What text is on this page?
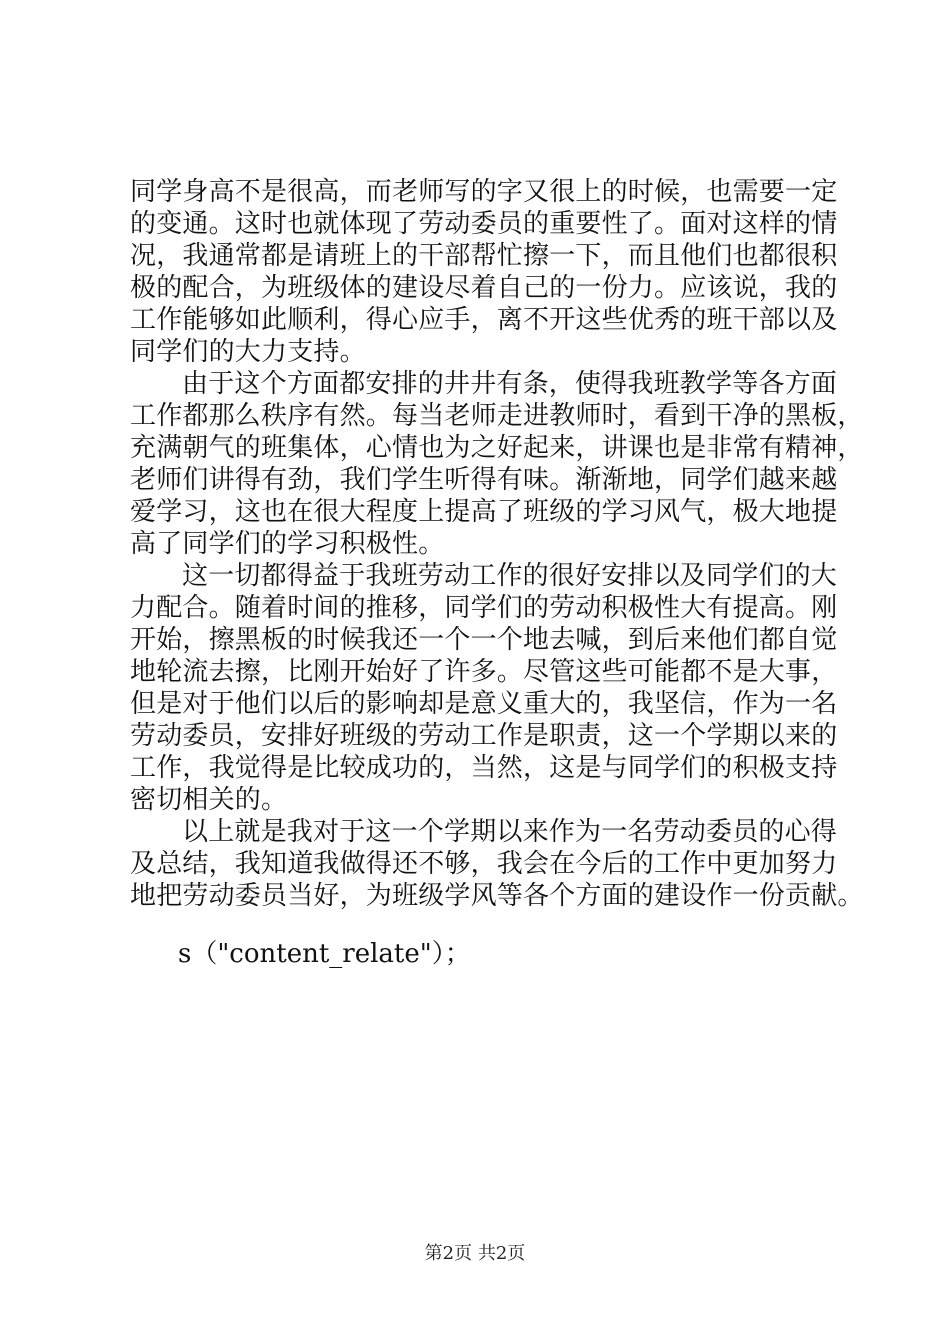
同学身高不是很高，而老师写的字又很上的时候，也需要一定
的变通。这时也就体现了劳动委员的重要性了。面对这样的情
况，我通常都是请班上的干部帮忙擦一下，而且他们也都很积
极的配合，为班级体的建设尽着自己的一份力。应该说，我的
工作能够如此顺利，得心应手，离不开这些优秀的班干部以及
同学们的大力支持。
由于这个方面都安排的井井有条，使得我班教学等各方面
工作都那么秩序有然。每当老师走进教师时，看到干净的黑板，
充满朝气的班集体，心情也为之好起来，讲课也是非常有精神，
老师们讲得有劲，我们学生听得有味。渐渐地，同学们越来越
爱学习，这也在很大程度上提高了班级的学习风气，极大地提
高了同学们的学习积极性。
这一切都得益于我班劳动工作的很好安排以及同学们的大
力配合。随着时间的推移，同学们的劳动积极性大有提高。刚
开始，擦黑板的时候我还一个一个地去喊，到后来他们都自觉
地轮流去擦，比刚开始好了许多。尽管这些可能都不是大事，
但是对于他们以后的影响却是意义重大的，我坚信，作为一名
劳动委员，安排好班级的劳动工作是职责，这一个学期以来的
工作，我觉得是比较成功的，当然，这是与同学们的积极支持
密切相关的。
以上就是我对于这一个学期以来作为一名劳动委员的心得
及总结，我知道我做得还不够，我会在今后的工作中更加努力
地把劳动委员当好，为班级学风等各个方面的建设作一份贡献。
s（"content_relate"）；
第2页 共2页
